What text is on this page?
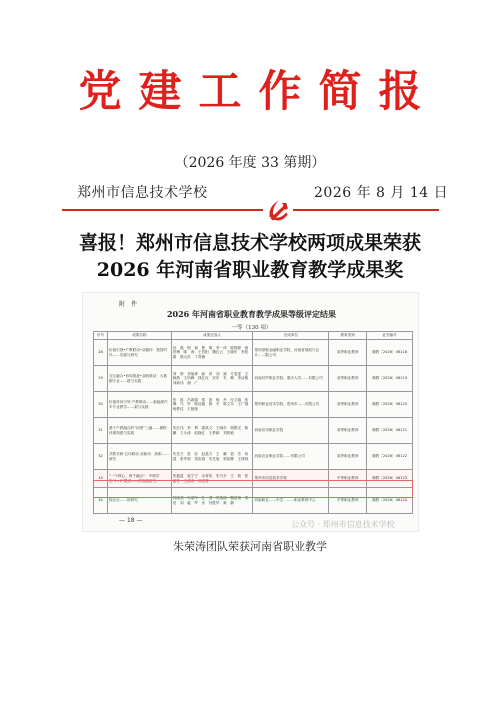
党建工作简报
（2026 年度 33 第期）
郑州市信息技术学校	2026 年 8 月 14 日
喜报！郑州市信息技术学校两项成果荣获
2026 年河南省职业教育教学成果奖
附　件
2026 年河南省职业教育教学成果等级评定结果
一等（130 项）
序号	成果名称	成果完成人	完成单位	教育类别	证书编号
28	价值引领•产教联动•双循环：数智时代……实践与研究	孙　磊　程　斌　曹　明　李一萍　陈锦程　褚景梅　陈　涛　王伯阳　魏红云　王晓东　李桂娟　陈大洪　丁青楠	郑州财税金融职业学院、河南省财政厅会计……限公司	高等职业教育	豫教〔2026〕06118
29	交互融合•协同推进•双轨联动：大数据专业……建与实践	刘　婷　刘旭珍　郝　萍　刘　斌　方雯雯　王晓燕　王培峰　钱红仪　宋东　朱　琳　李洁敏　刘新伟　谢　广	河南经贸职业学院、重庆大学……有限公司	高等职业教育	豫教〔2026〕06119
30	价值导向引导·产教联动……新能源汽车专业教学……索与实践	张　凯　冯淑娟　郑　波　杨　丹　付文娟　张　琳　马　军　陈佳璇　陈　冬　陈文东　王广刚　杨梦佳　王娅娅	郑州职业技术学院、郑州市……有限公司	高等职业教育	豫教〔2026〕06120
31	基于产教融合的“四度”三融……课程体系构建与实践	朱红伟　李　利　霍凯文　王晓杉　胡银光　陈　鹏　王永涛　赵晓红　王梦颖　刘锐敏	河南应用职业学院	高等职业教育	豫教〔2026〕06121
32	共教共研·五环联动·双驱动：高职……研究	朱先方　张　彩　赵晶方　王　鹏　裴　芳　何　超　张华莉　郑彩燕　朱先旭　蔡如柳　王林林	河南农业职业学院……有限公司	高等职业教育	豫教〔2026〕06122
33	“一个核心、两个融合”：中职学生“1+X”模式……的实践研究	朱磊蓝　崔宁宁　余青伟　朱马平　王　莉　张丽芳　王清涛　刘进青	郑州市信息技术学校	中等职业教育	豫教〔2026〕06123
34	校企社……的研究	郭晓燕　吴瑞军　杜　勇　楚瑞瑞　魏星雅　梁　亮　刘　毅　罗　乐　付胜华　黄　静	河南职业……中学、……职业教育中心	中等职业教育	豫教〔2026〕06124
— 18 —	公众号 · 郑州市信息技术学校
朱荣涛团队荣获河南省职业教学
